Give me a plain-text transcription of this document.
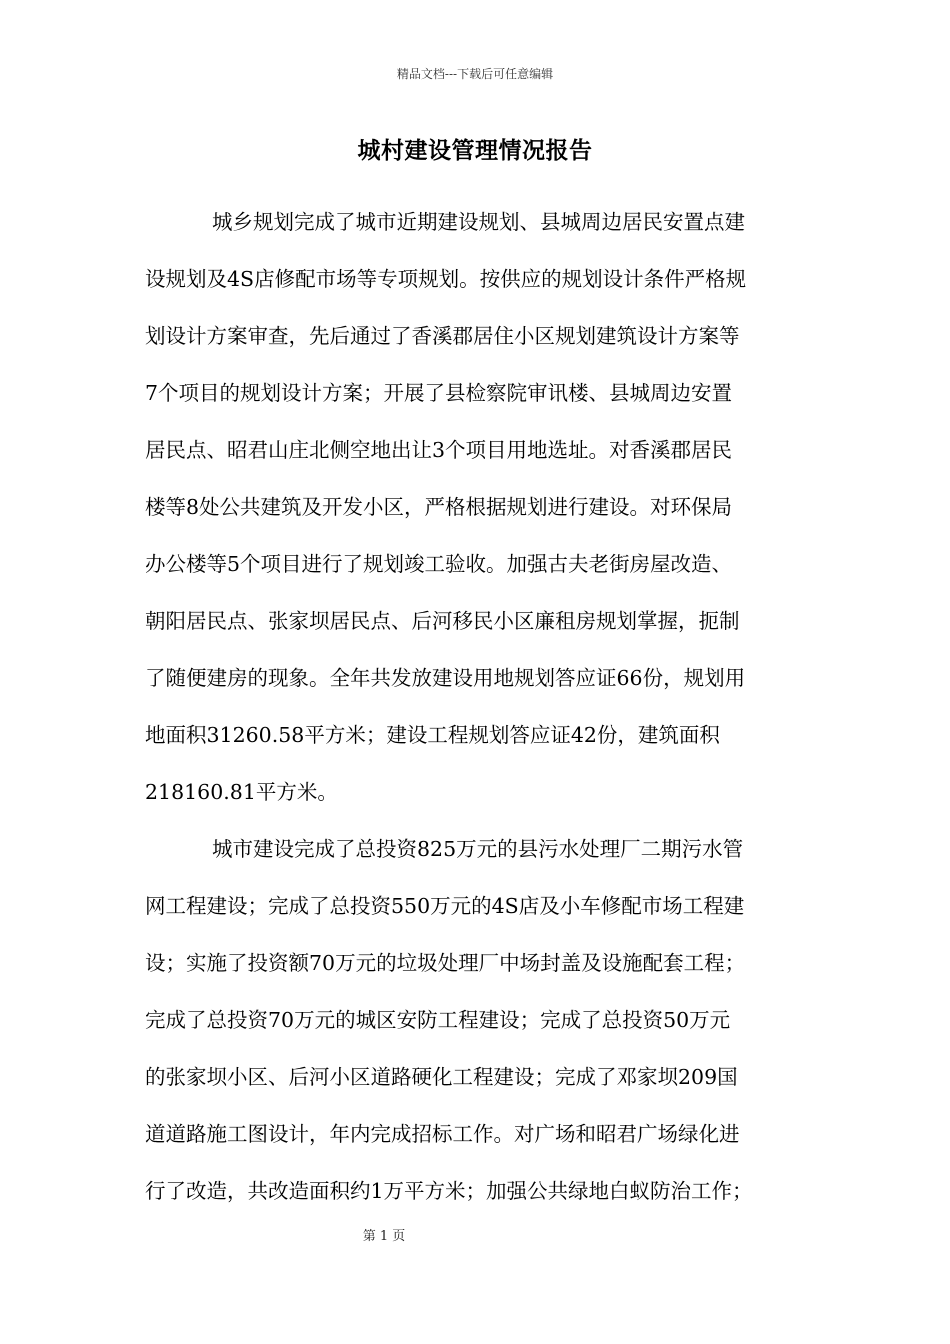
精品文档---下载后可任意编辑
城村建设管理情况报告
城乡规划完成了城市近期建设规划、县城周边居民安置点建
设规划及4S店修配市场等专项规划。按供应的规划设计条件严格规
划设计方案审查，先后通过了香溪郡居住小区规划建筑设计方案等
7个项目的规划设计方案；开展了县检察院审讯楼、县城周边安置
居民点、昭君山庄北侧空地出让3个项目用地选址。对香溪郡居民
楼等8处公共建筑及开发小区，严格根据规划进行建设。对环保局
办公楼等5个项目进行了规划竣工验收。加强古夫老街房屋改造、
朝阳居民点、张家坝居民点、后河移民小区廉租房规划掌握，扼制
了随便建房的现象。全年共发放建设用地规划答应证66份，规划用
地面积31260.58平方米；建设工程规划答应证42份，建筑面积
218160.81平方米。
城市建设完成了总投资825万元的县污水处理厂二期污水管
网工程建设；完成了总投资550万元的4S店及小车修配市场工程建
设；实施了投资额70万元的垃圾处理厂中场封盖及设施配套工程；
完成了总投资70万元的城区安防工程建设；完成了总投资50万元
的张家坝小区、后河小区道路硬化工程建设；完成了邓家坝209国
道道路施工图设计，年内完成招标工作。对广场和昭君广场绿化进
行了改造，共改造面积约1万平方米；加强公共绿地白蚁防治工作；
第 1 页
